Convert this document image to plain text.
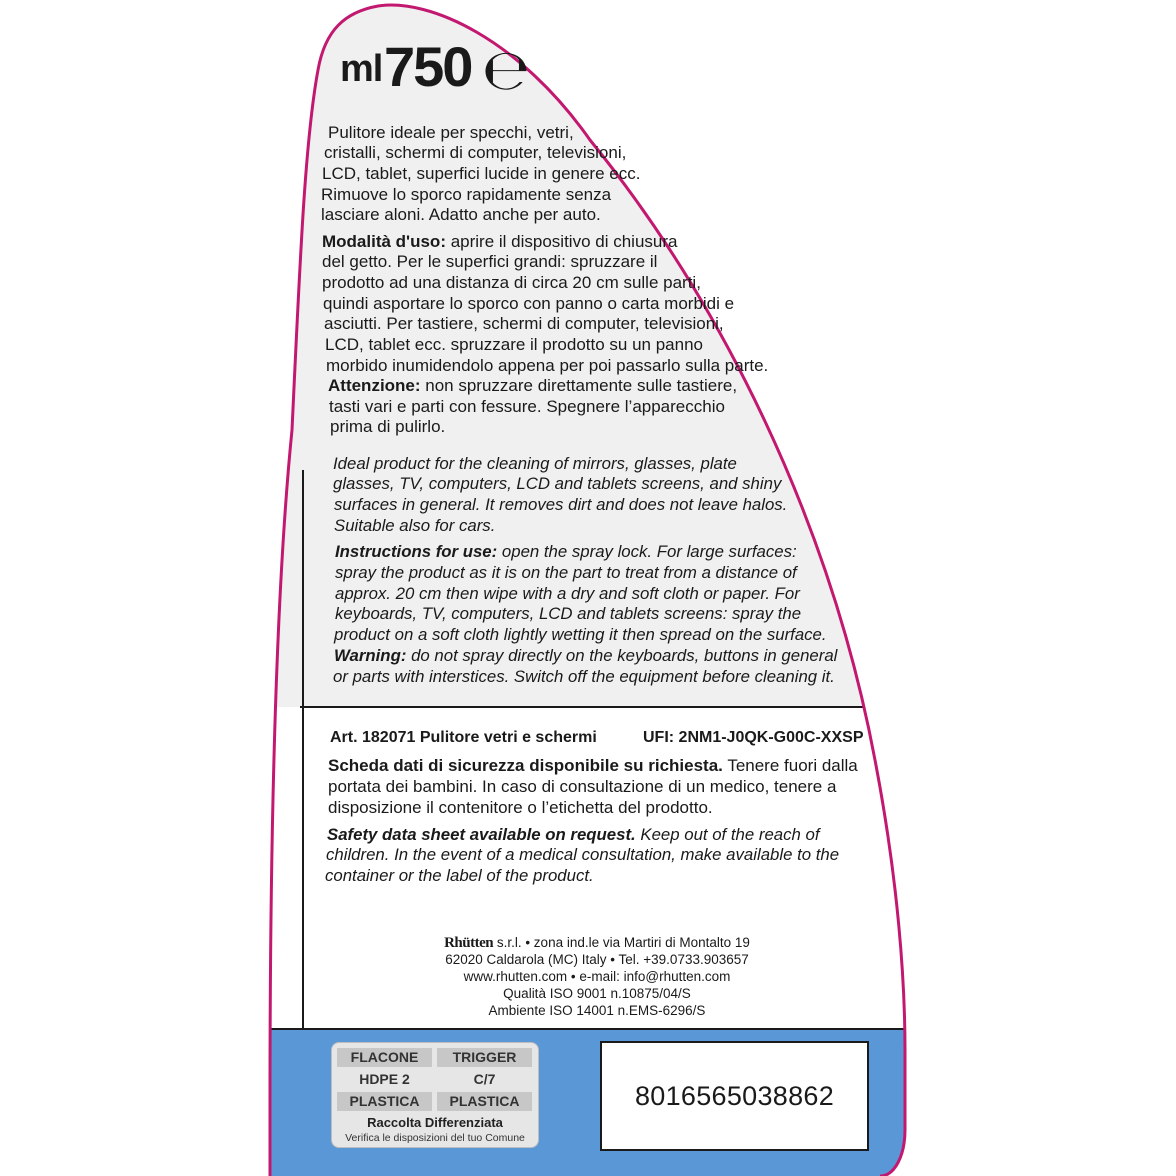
ml 750 ℮
Pulitore ideale per specchi, vetri,
cristalli, schermi di computer, televisioni,
LCD, tablet, superfici lucide in genere ecc.
Rimuove lo sporco rapidamente senza
lasciare aloni. Adatto anche per auto.
Modalità d'uso: aprire il dispositivo di chiusura
del getto. Per le superfici grandi: spruzzare il
prodotto ad una distanza di circa 20 cm sulle parti,
quindi asportare lo sporco con panno o carta morbidi e
asciutti. Per tastiere, schermi di computer, televisioni,
LCD, tablet ecc. spruzzare il prodotto su un panno
morbido inumidendolo appena per poi passarlo sulla parte.
Attenzione: non spruzzare direttamente sulle tastiere,
tasti vari e parti con fessure. Spegnere l’apparecchio
prima di pulirlo.
Ideal product for the cleaning of mirrors, glasses, plate
glasses, TV, computers, LCD and tablets screens, and shiny
surfaces in general. It removes dirt and does not leave halos.
Suitable also for cars.
Instructions for use: open the spray lock. For large surfaces:
spray the product as it is on the part to treat from a distance of
approx. 20 cm then wipe with a dry and soft cloth or paper. For
keyboards, TV, computers, LCD and tablets screens: spray the
product on a soft cloth lightly wetting it then spread on the surface.
Warning: do not spray directly on the keyboards, buttons in general
or parts with interstices. Switch off the equipment before cleaning it.
Art. 182071 Pulitore vetri e schermi	UFI: 2NM1-J0QK-G00C-XXSP
Scheda dati di sicurezza disponibile su richiesta. Tenere fuori dalla
portata dei bambini. In caso di consultazione di un medico, tenere a
disposizione il contenitore o l’etichetta del prodotto.
Safety data sheet available on request. Keep out of the reach of
children. In the event of a medical consultation, make available to the
container or the label of the product.
Rhütten s.r.l. • zona ind.le via Martiri di Montalto 19
62020 Caldarola (MC) Italy • Tel. +39.0733.903657
www.rhutten.com • e-mail: info@rhutten.com
Qualità ISO 9001 n.10875/04/S
Ambiente ISO 14001 n.EMS-6296/S
FLACONE	TRIGGER
HDPE 2	C/7
PLASTICA	PLASTICA
Raccolta Differenziata
Verifica le disposizioni del tuo Comune
8016565038862
